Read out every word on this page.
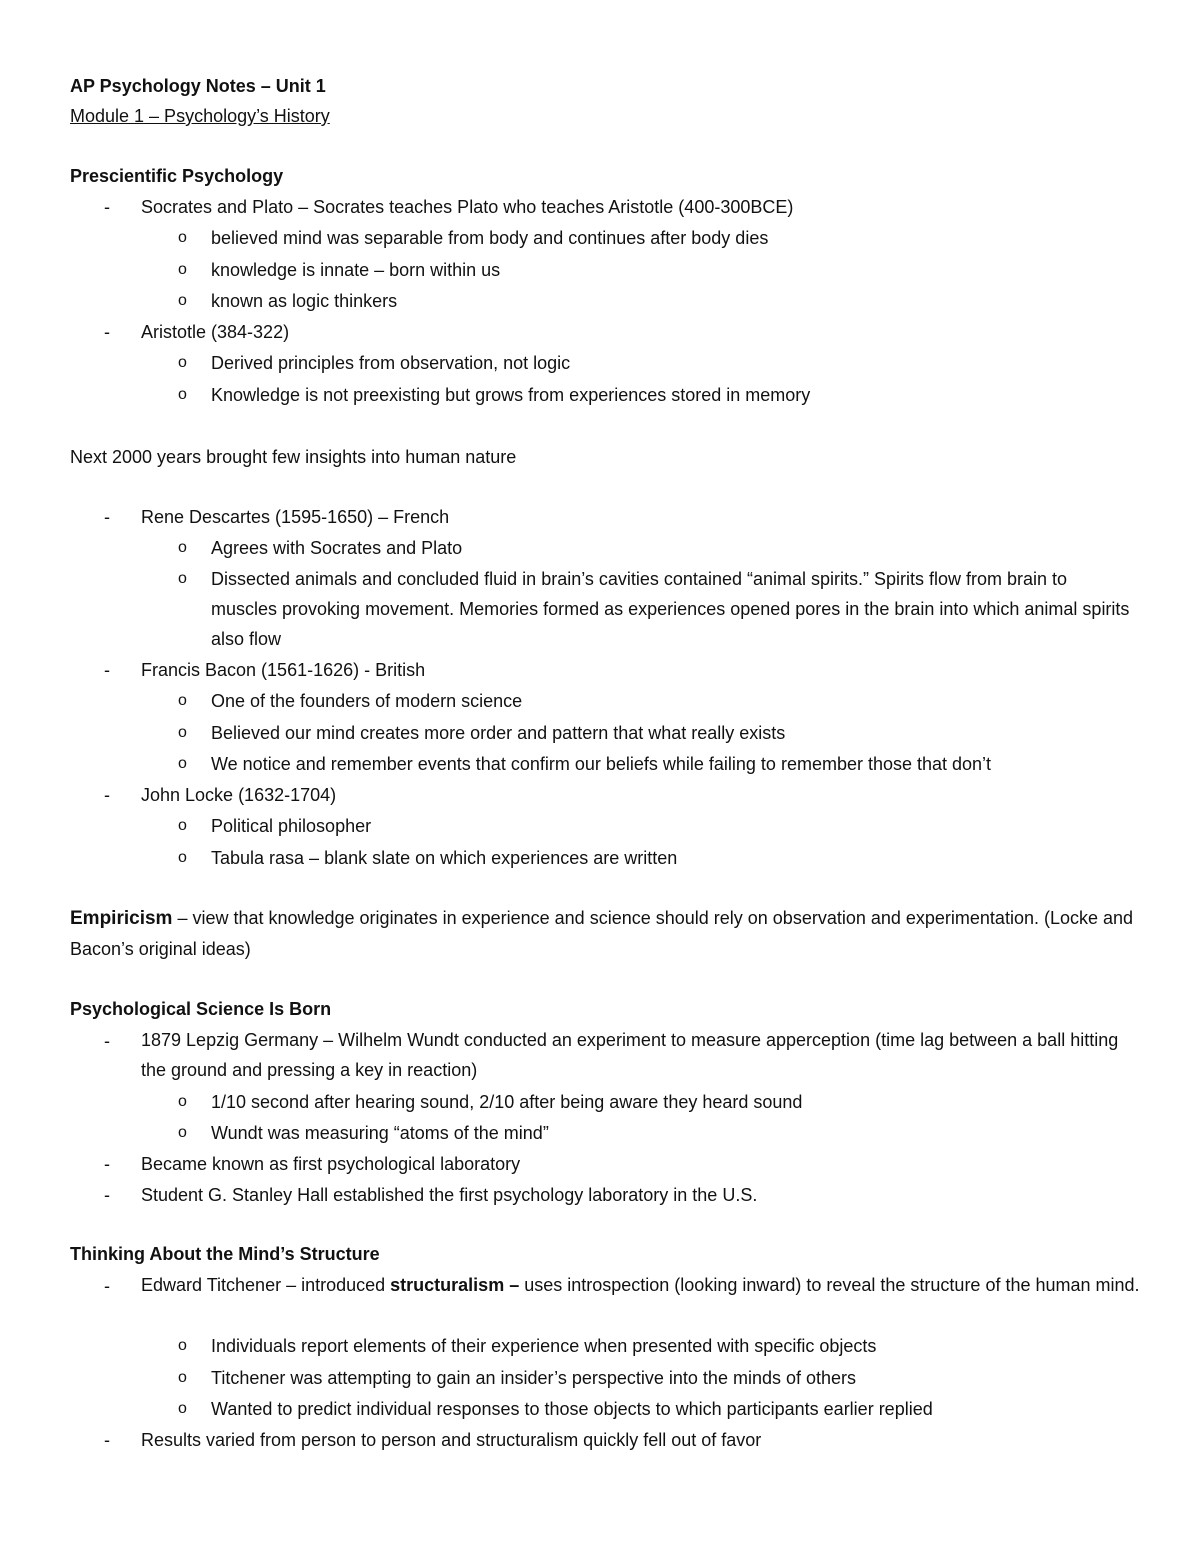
AP Psychology Notes – Unit 1
Module 1 – Psychology’s History
Prescientific Psychology
- Socrates and Plato – Socrates teaches Plato who teaches Aristotle (400-300BCE)
o believed mind was separable from body and continues after body dies
o knowledge is innate – born within us
o known as logic thinkers
- Aristotle (384-322)
o Derived principles from observation, not logic
o Knowledge is not preexisting but grows from experiences stored in memory
Next 2000 years brought few insights into human nature
- Rene Descartes (1595-1650) – French
o Agrees with Socrates and Plato
o Dissected animals and concluded fluid in brain’s cavities contained “animal spirits.” Spirits flow from brain to muscles provoking movement. Memories formed as experiences opened pores in the brain into which animal spirits also flow
- Francis Bacon (1561-1626) - British
o One of the founders of modern science
o Believed our mind creates more order and pattern that what really exists
o We notice and remember events that confirm our beliefs while failing to remember those that don’t
- John Locke (1632-1704)
o Political philosopher
o Tabula rasa – blank slate on which experiences are written
Empiricism – view that knowledge originates in experience and science should rely on observation and experimentation. (Locke and Bacon’s original ideas)
Psychological Science Is Born
- 1879 Lepzig Germany – Wilhelm Wundt conducted an experiment to measure apperception (time lag between a ball hitting the ground and pressing a key in reaction)
o 1/10 second after hearing sound, 2/10 after being aware they heard sound
o Wundt was measuring “atoms of the mind”
- Became known as first psychological laboratory
- Student G. Stanley Hall established the first psychology laboratory in the U.S.
Thinking About the Mind’s Structure
- Edward Titchener – introduced structuralism – uses introspection (looking inward) to reveal the structure of the human mind.
o Individuals report elements of their experience when presented with specific objects
o Titchener was attempting to gain an insider’s perspective into the minds of others
o Wanted to predict individual responses to those objects to which participants earlier replied
- Results varied from person to person and structuralism quickly fell out of favor
